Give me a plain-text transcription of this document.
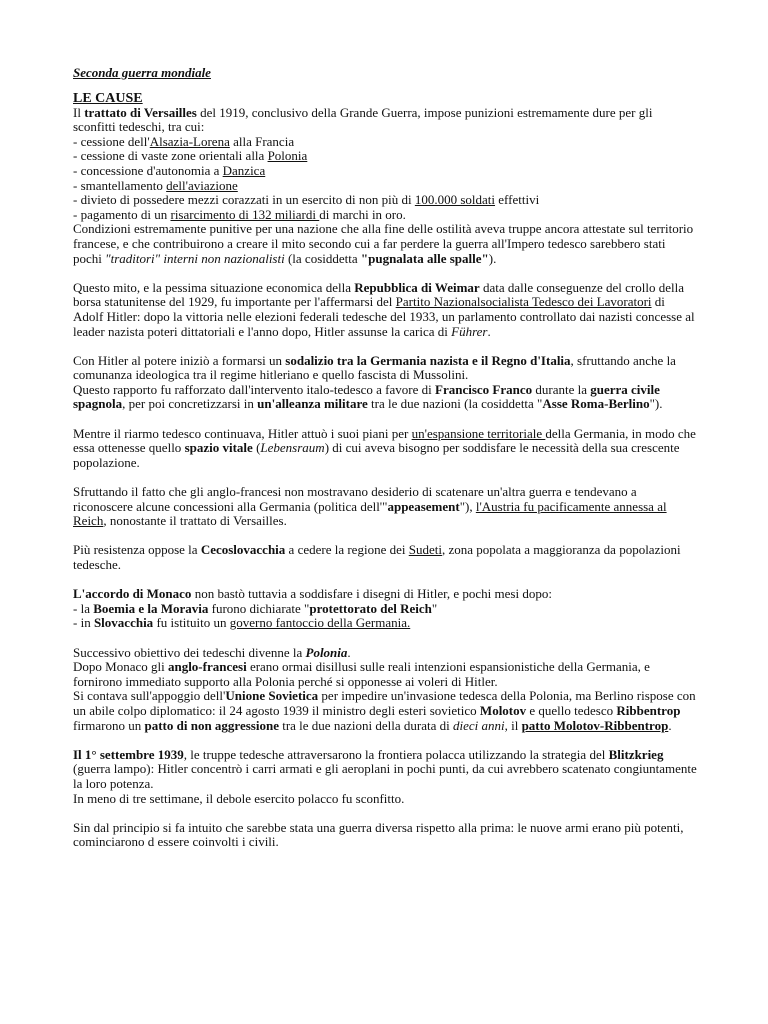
Seconda guerra mondiale

LE CAUSE

Il trattato di Versailles del 1919, conclusivo della Grande Guerra, impose punizioni estremamente dure per gli sconfitti tedeschi, tra cui:

- cessione dell'Alsazia-Lorena alla Francia

- cessione di vaste zone orientali alla Polonia

- concessione d'autonomia a Danzica

- smantellamento dell'aviazione

- divieto di possedere mezzi corazzati in un esercito di non più di 100.000 soldati effettivi

- pagamento di un risarcimento di 132 miliardi di marchi in oro.

Condizioni estremamente punitive per una nazione che alla fine delle ostilità aveva truppe ancora attestate sul territorio francese, e che contribuirono a creare il mito secondo cui a far perdere la guerra all'Impero tedesco sarebbero stati pochi "traditori" interni non nazionalisti (la cosiddetta "pugnalata alle spalle").

Questo mito, e la pessima situazione economica della Repubblica di Weimar data dalle conseguenze del crollo della borsa statunitense del 1929, fu importante per l'affermarsi del Partito Nazionalsocialista Tedesco dei Lavoratori di Adolf Hitler: dopo la vittoria nelle elezioni federali tedesche del 1933, un parlamento controllato dai nazisti concesse al leader nazista poteri dittatoriali e l'anno dopo, Hitler assunse la carica di Führer.

Con Hitler al potere iniziò a formarsi un sodalizio tra la Germania nazista e il Regno d'Italia, sfruttando anche la comunanza ideologica tra il regime hitleriano e quello fascista di Mussolini.

Questo rapporto fu rafforzato dall'intervento italo-tedesco a favore di Francisco Franco durante la guerra civile spagnola, per poi concretizzarsi in un'alleanza militare tra le due nazioni (la cosiddetta "Asse Roma-Berlino").

Mentre il riarmo tedesco continuava, Hitler attuò i suoi piani per un'espansione territoriale della Germania, in modo che essa ottenesse quello spazio vitale (Lebensraum) di cui aveva bisogno per soddisfare le necessità della sua crescente popolazione.

Sfruttando il fatto che gli anglo-francesi non mostravano desiderio di scatenare un'altra guerra e tendevano a riconoscere alcune concessioni alla Germania (politica dell'"appeasement"), l'Austria fu pacificamente annessa al Reich, nonostante il trattato di Versailles.

Più resistenza oppose la Cecoslovacchia a cedere la regione dei Sudeti, zona popolata a maggioranza da popolazioni tedesche.

L'accordo di Monaco non bastò tuttavia a soddisfare i disegni di Hitler, e pochi mesi dopo:

- la Boemia e la Moravia furono dichiarate "protettorato del Reich"

- in Slovacchia fu istituito un governo fantoccio della Germania.

Successivo obiettivo dei tedeschi divenne la Polonia.

Dopo Monaco gli anglo-francesi erano ormai disillusi sulle reali intenzioni espansionistiche della Germania, e fornirono immediato supporto alla Polonia perché si opponesse ai voleri di Hitler.

Si contava sull'appoggio dell'Unione Sovietica per impedire un'invasione tedesca della Polonia, ma Berlino rispose con un abile colpo diplomatico: il 24 agosto 1939 il ministro degli esteri sovietico Molotov e quello tedesco Ribbentrop firmarono un patto di non aggressione tra le due nazioni della durata di dieci anni, il patto Molotov-Ribbentrop.

Il 1° settembre 1939, le truppe tedesche attraversarono la frontiera polacca utilizzando la strategia del Blitzkrieg (guerra lampo): Hitler concentrò i carri armati e gli aeroplani in pochi punti, da cui avrebbero scatenato congiuntamente la loro potenza.

In meno di tre settimane, il debole esercito polacco fu sconfitto.

Sin dal principio si fa intuito che sarebbe stata una guerra diversa rispetto alla prima: le nuove armi erano più potenti, cominciarono d essere coinvolti i civili.
